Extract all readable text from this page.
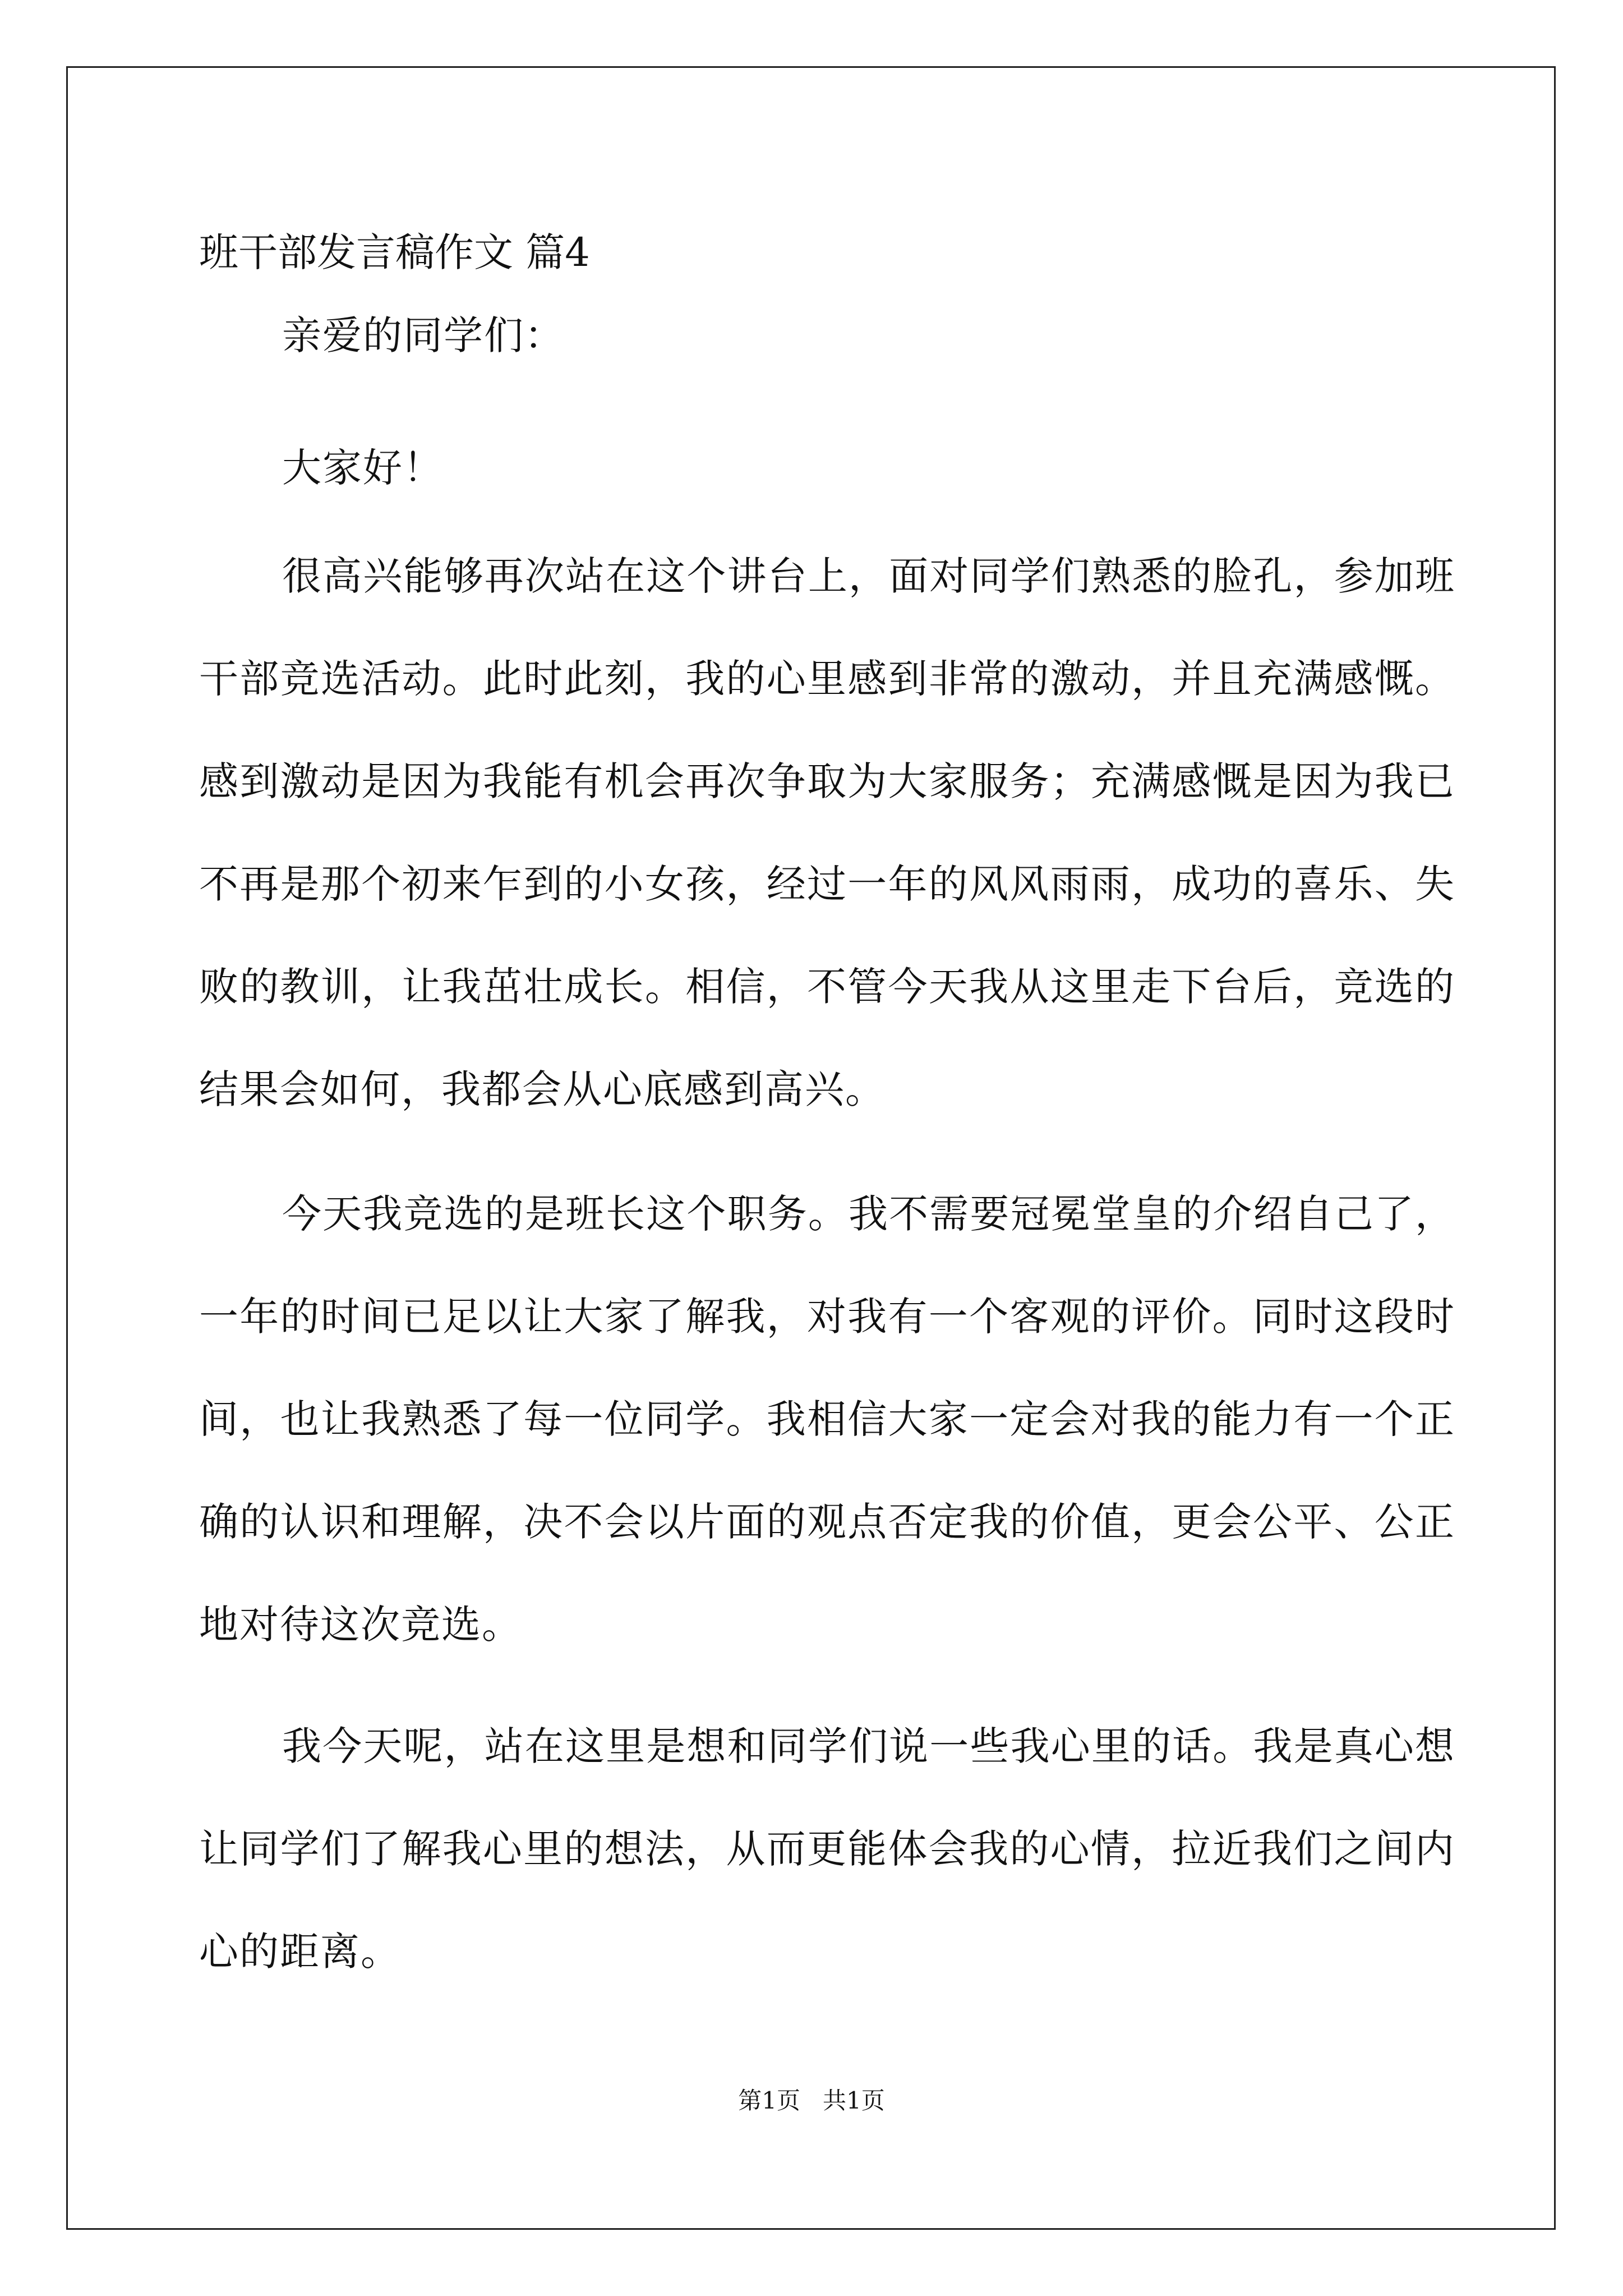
班干部发言稿作文 篇4

亲爱的同学们：

大家好！

很高兴能够再次站在这个讲台上，面对同学们熟悉的脸孔，参加班干部竞选活动。此时此刻，我的心里感到非常的激动，并且充满感慨。感到激动是因为我能有机会再次争取为大家服务；充满感慨是因为我已不再是那个初来乍到的小女孩，经过一年的风风雨雨，成功的喜乐、失败的教训，让我茁壮成长。相信，不管今天我从这里走下台后，竞选的结果会如何，我都会从心底感到高兴。

今天我竞选的是班长这个职务。我不需要冠冕堂皇的介绍自己了，一年的时间已足以让大家了解我，对我有一个客观的评价。同时这段时间，也让我熟悉了每一位同学。我相信大家一定会对我的能力有一个正确的认识和理解，决不会以片面的观点否定我的价值，更会公平、公正地对待这次竞选。

我今天呢，站在这里是想和同学们说一些我心里的话。我是真心想让同学们了解我心里的想法，从而更能体会我的心情，拉近我们之间内心的距离。

第1页   共1页
